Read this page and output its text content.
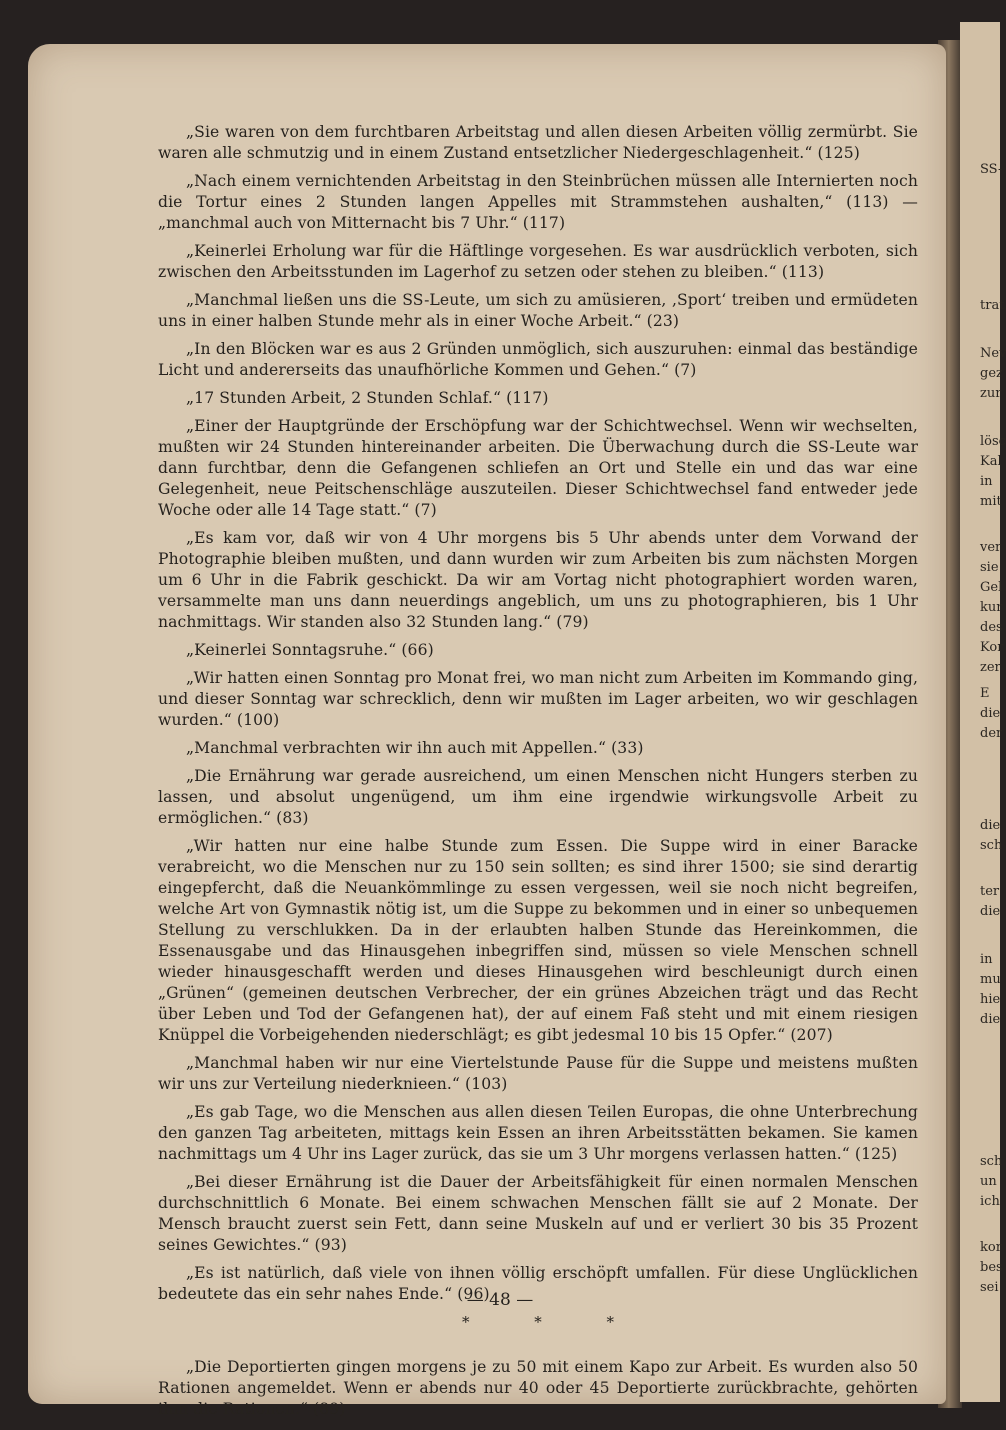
SS-
trat
Nev
gez
zur
lösc
Kal
in
mit
ver
sie
Gel
kur
des
Kor
zer
E
die
der
die
sch
ter
die
in
mu
hie
die
sch
un
ich
kor
bes
sei

„Sie waren von dem furchtbaren Arbeitstag und allen diesen Arbeiten völlig zermürbt. Sie waren alle schmutzig und in einem Zustand entsetzlicher Niedergeschlagenheit.“ (125)

„Nach einem vernichtenden Arbeitstag in den Steinbrüchen müssen alle Internierten noch die Tortur eines 2 Stunden langen Appelles mit Strammstehen aushalten,“ (113) — „manchmal auch von Mitternacht bis 7 Uhr.“ (117)

„Keinerlei Erholung war für die Häftlinge vorgesehen. Es war ausdrücklich verboten, sich zwischen den Arbeitsstunden im Lagerhof zu setzen oder stehen zu bleiben.“ (113)

„Manchmal ließen uns die SS-Leute, um sich zu amüsieren, ‚Sport‘ treiben und ermüdeten uns in einer halben Stunde mehr als in einer Woche Arbeit.“ (23)

„In den Blöcken war es aus 2 Gründen unmöglich, sich auszuruhen: einmal das beständige Licht und andererseits das unaufhörliche Kommen und Gehen.“ (7)

„17 Stunden Arbeit, 2 Stunden Schlaf.“ (117)

„Einer der Hauptgründe der Erschöpfung war der Schichtwechsel. Wenn wir wechselten, mußten wir 24 Stunden hintereinander arbeiten. Die Überwachung durch die SS-Leute war dann furchtbar, denn die Gefangenen schliefen an Ort und Stelle ein und das war eine Gelegenheit, neue Peitschenschläge auszuteilen. Dieser Schichtwechsel fand entweder jede Woche oder alle 14 Tage statt.“ (7)

„Es kam vor, daß wir von 4 Uhr morgens bis 5 Uhr abends unter dem Vorwand der Photographie bleiben mußten, und dann wurden wir zum Arbeiten bis zum nächsten Morgen um 6 Uhr in die Fabrik geschickt. Da wir am Vortag nicht photographiert worden waren, versammelte man uns dann neuerdings angeblich, um uns zu photographieren, bis 1 Uhr nachmittags. Wir standen also 32 Stunden lang.“ (79)

„Keinerlei Sonntagsruhe.“ (66)

„Wir hatten einen Sonntag pro Monat frei, wo man nicht zum Arbeiten im Kommando ging, und dieser Sonntag war schrecklich, denn wir mußten im Lager arbeiten, wo wir geschlagen wurden.“ (100)

„Manchmal verbrachten wir ihn auch mit Appellen.“ (33)

„Die Ernährung war gerade ausreichend, um einen Menschen nicht Hungers sterben zu lassen, und absolut ungenügend, um ihm eine irgendwie wirkungsvolle Arbeit zu ermöglichen.“ (83)

„Wir hatten nur eine halbe Stunde zum Essen. Die Suppe wird in einer Baracke verabreicht, wo die Menschen nur zu 150 sein sollten; es sind ihrer 1500; sie sind derartig eingepfercht, daß die Neuankömmlinge zu essen vergessen, weil sie noch nicht begreifen, welche Art von Gymnastik nötig ist, um die Suppe zu bekommen und in einer so unbequemen Stellung zu verschlukken. Da in der erlaubten halben Stunde das Hereinkommen, die Essenausgabe und das Hinausgehen inbegriffen sind, müssen so viele Menschen schnell wieder hinausgeschafft werden und dieses Hinausgehen wird beschleunigt durch einen „Grünen“ (gemeinen deutschen Verbrecher, der ein grünes Abzeichen trägt und das Recht über Leben und Tod der Gefangenen hat), der auf einem Faß steht und mit einem riesigen Knüppel die Vorbeigehenden niederschlägt; es gibt jedesmal 10 bis 15 Opfer.“ (207)

„Manchmal haben wir nur eine Viertelstunde Pause für die Suppe und meistens mußten wir uns zur Verteilung niederknieen.“ (103)

„Es gab Tage, wo die Menschen aus allen diesen Teilen Europas, die ohne Unterbrechung den ganzen Tag arbeiteten, mittags kein Essen an ihren Arbeitsstätten bekamen. Sie kamen nachmittags um 4 Uhr ins Lager zurück, das sie um 3 Uhr morgens verlassen hatten.“ (125)

„Bei dieser Ernährung ist die Dauer der Arbeitsfähigkeit für einen normalen Menschen durchschnittlich 6 Monate. Bei einem schwachen Menschen fällt sie auf 2 Monate. Der Mensch braucht zuerst sein Fett, dann seine Muskeln auf und er verliert 30 bis 35 Prozent seines Gewichtes.“ (93)

„Es ist natürlich, daß viele von ihnen völlig erschöpft umfallen. Für diese Unglücklichen bedeutete das ein sehr nahes Ende.“ (96)

* * *

„Die Deportierten gingen morgens je zu 50 mit einem Kapo zur Arbeit. Es wurden also 50 Rationen angemeldet. Wenn er abends nur 40 oder 45 Deportierte zurückbrachte, gehörten ihm die Rationen.“ (89)

— 48 —
